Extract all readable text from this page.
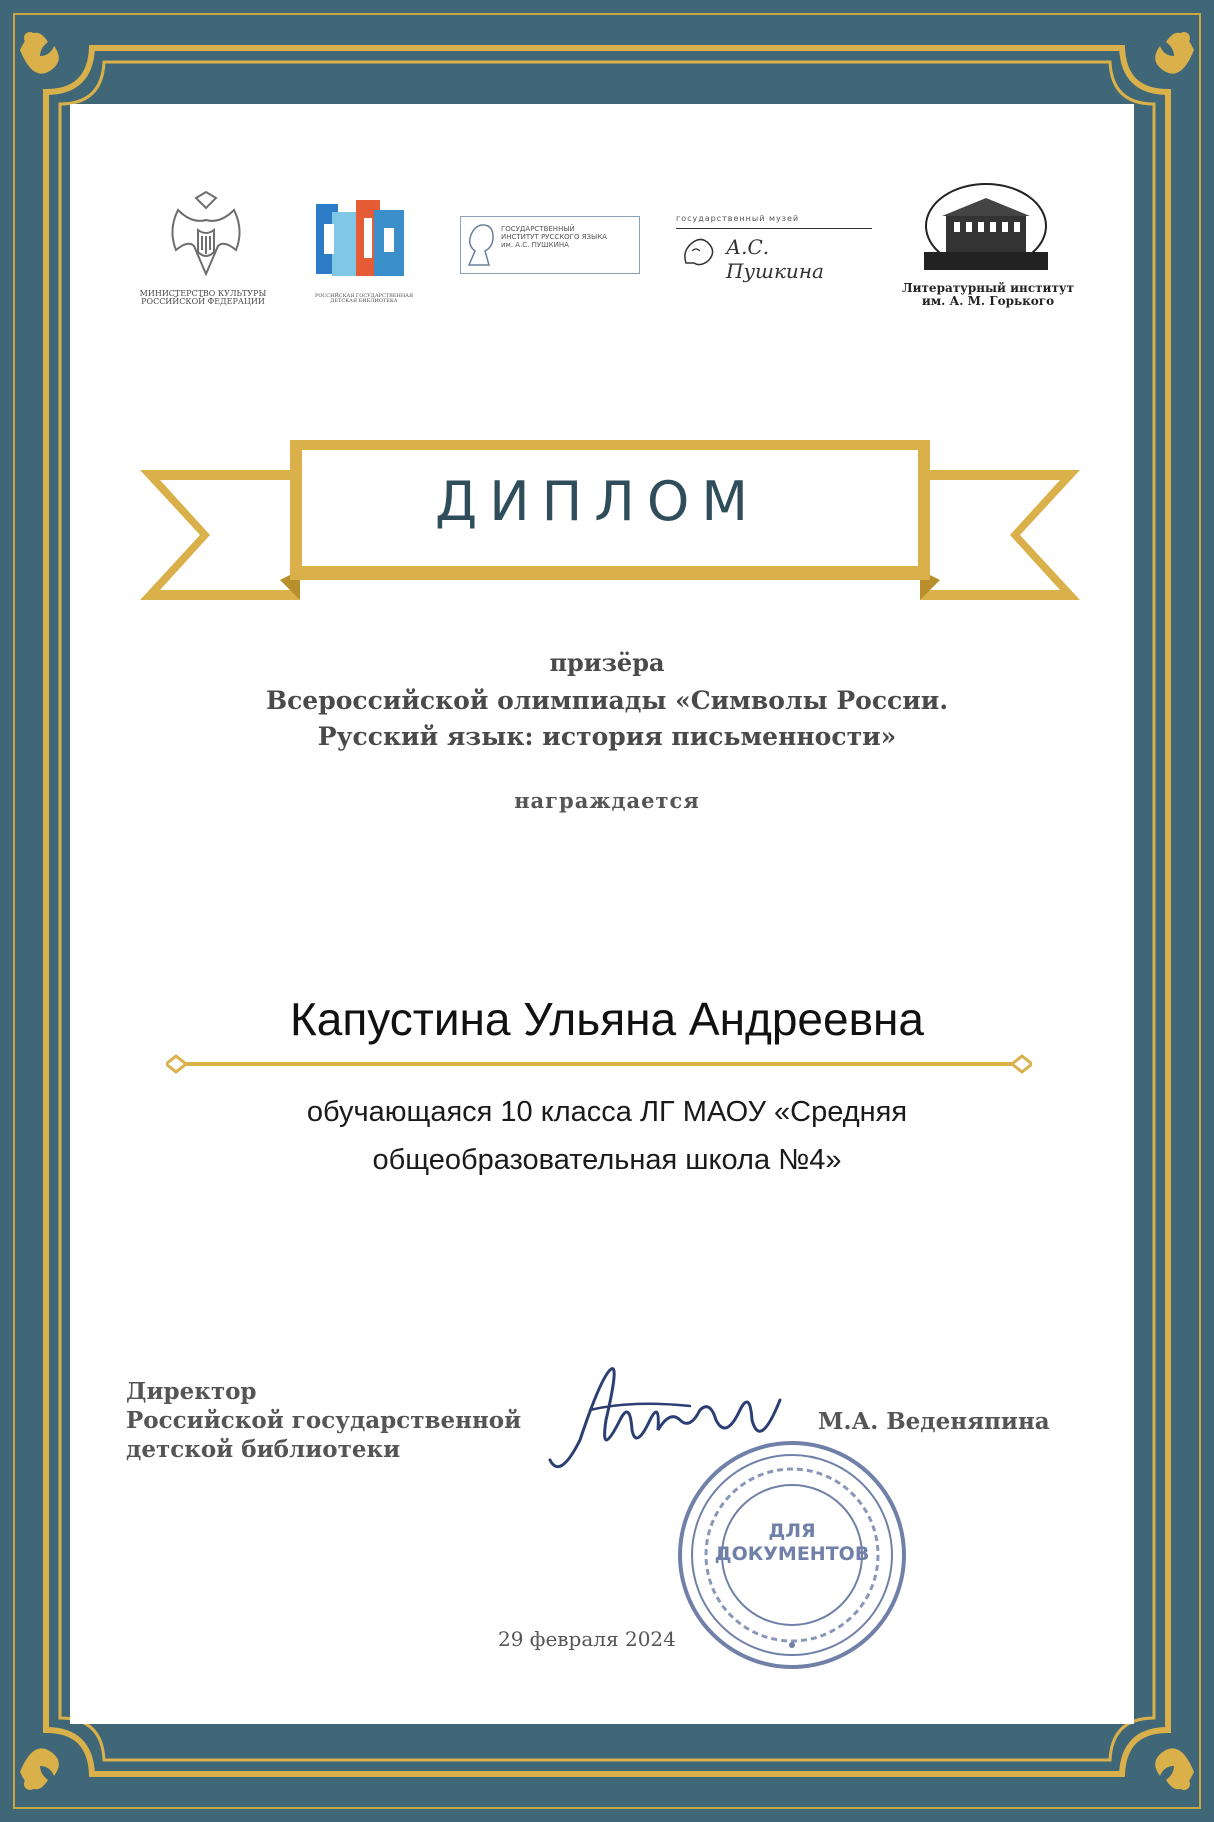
МИНИСТЕРСТВО КУЛЬТУРЫ
РОССИЙСКОЙ ФЕДЕРАЦИИ
РОССИЙСКАЯ ГОСУДАРСТВЕННАЯ
ДЕТСКАЯ БИБЛИОТЕКА
ГОСУДАРСТВЕННЫЙ
ИНСТИТУТ РУССКОГО ЯЗЫКА
им. А.С. ПУШКИНА
государственный музей
А.С. Пушкина
Литературный институт
им. А. М. Горького
ДИПЛОМ
призёра
Всероссийской олимпиады «Символы России.
Русский язык: история письменности»
награждается
Капустина Ульяна Андреевна
обучающаяся 10 класса ЛГ МАОУ «Средняя
общеобразовательная школа №4»
Директор
Российской государственной
детской библиотеки
ДЛЯ
ДОКУМЕНТОВ
М.А. Веденяпина
29 февраля 2024
